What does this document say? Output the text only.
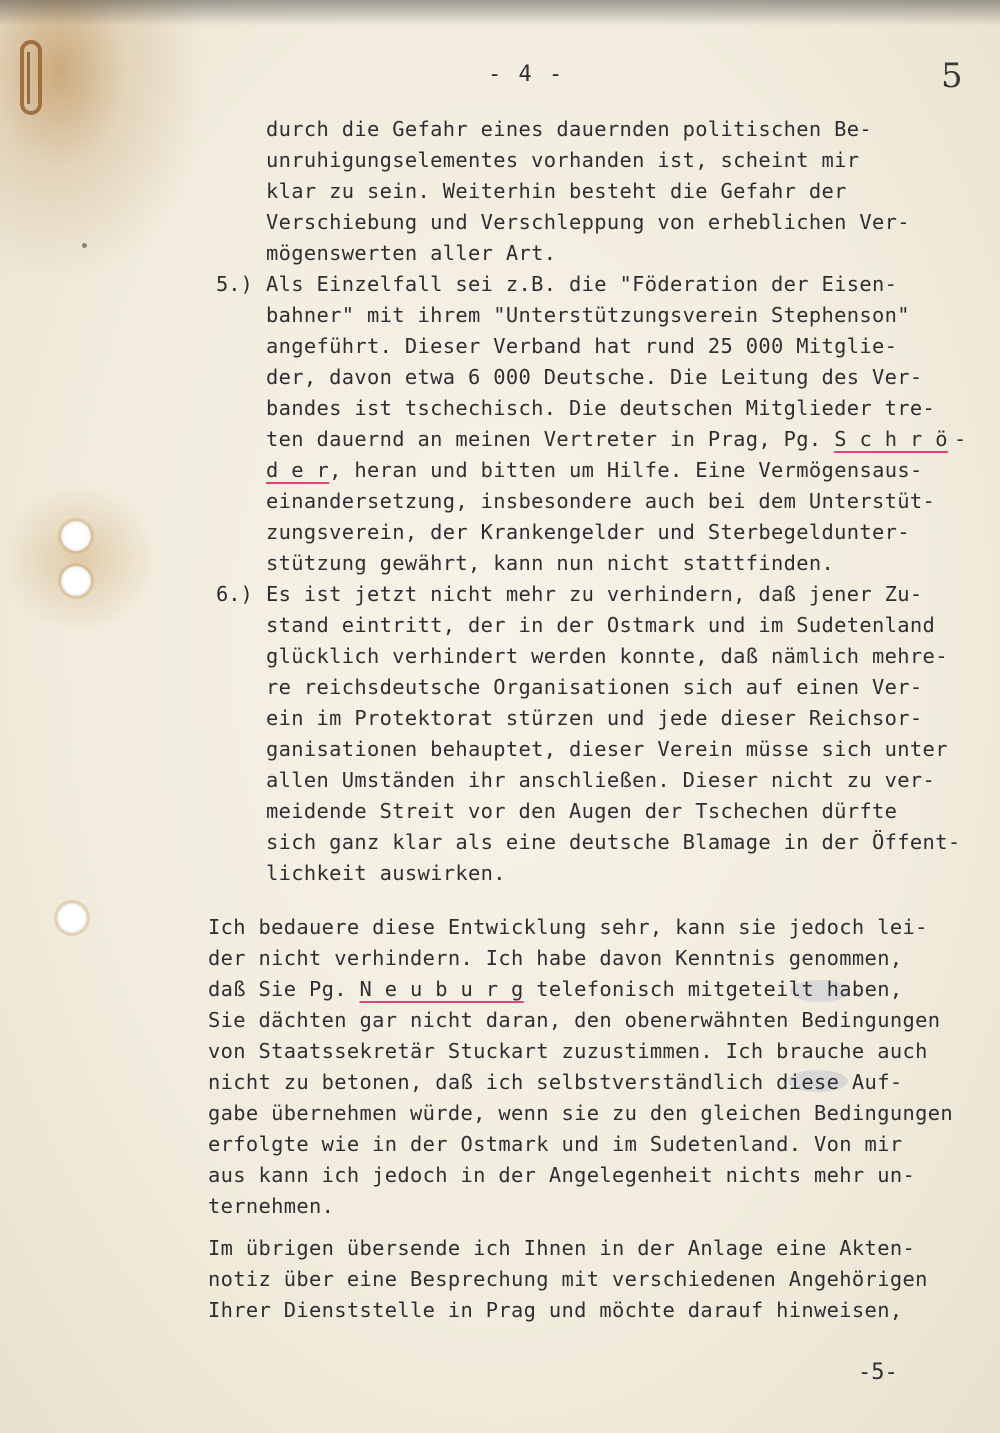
- 4 -	5
durch die Gefahr eines dauernden politischen Be-
unruhigungselementes vorhanden ist, scheint mir
klar zu sein. Weiterhin besteht die Gefahr der
Verschiebung und Verschleppung von erheblichen Ver-
mögenswerten aller Art.
5.) Als Einzelfall sei z.B. die "Föderation der Eisen-
bahner" mit ihrem "Unterstützungsverein Stephenson"
angeführt. Dieser Verband hat rund 25 000 Mitglie-
der, davon etwa 6 000 Deutsche. Die Leitung des Ver-
bandes ist tschechisch. Die deutschen Mitglieder tre-
ten dauernd an meinen Vertreter in Prag, Pg. S c h r ö -
d e r, heran und bitten um Hilfe. Eine Vermögensaus-
einandersetzung, insbesondere auch bei dem Unterstüt-
zungsverein, der Krankengelder und Sterbegeldunter-
stützung gewährt, kann nun nicht stattfinden.
6.) Es ist jetzt nicht mehr zu verhindern, daß jener Zu-
stand eintritt, der in der Ostmark und im Sudetenland
glücklich verhindert werden konnte, daß nämlich mehre-
re reichsdeutsche Organisationen sich auf einen Ver-
ein im Protektorat stürzen und jede dieser Reichsor-
ganisationen behauptet, dieser Verein müsse sich unter
allen Umständen ihr anschließen. Dieser nicht zu ver-
meidende Streit vor den Augen der Tschechen dürfte
sich ganz klar als eine deutsche Blamage in der Öffent-
lichkeit auswirken.
Ich bedauere diese Entwicklung sehr, kann sie jedoch lei-
der nicht verhindern. Ich habe davon Kenntnis genommen,
daß Sie Pg. N e u b u r g telefonisch mitgeteilt haben,
Sie dächten gar nicht daran, den obenerwähnten Bedingungen
von Staatssekretär Stuckart zuzustimmen. Ich brauche auch
nicht zu betonen, daß ich selbstverständlich diese Auf-
gabe übernehmen würde, wenn sie zu den gleichen Bedingungen
erfolgte wie in der Ostmark und im Sudetenland. Von mir
aus kann ich jedoch in der Angelegenheit nichts mehr un-
ternehmen.
Im übrigen übersende ich Ihnen in der Anlage eine Akten-
notiz über eine Besprechung mit verschiedenen Angehörigen
Ihrer Dienststelle in Prag und möchte darauf hinweisen,
-5-
